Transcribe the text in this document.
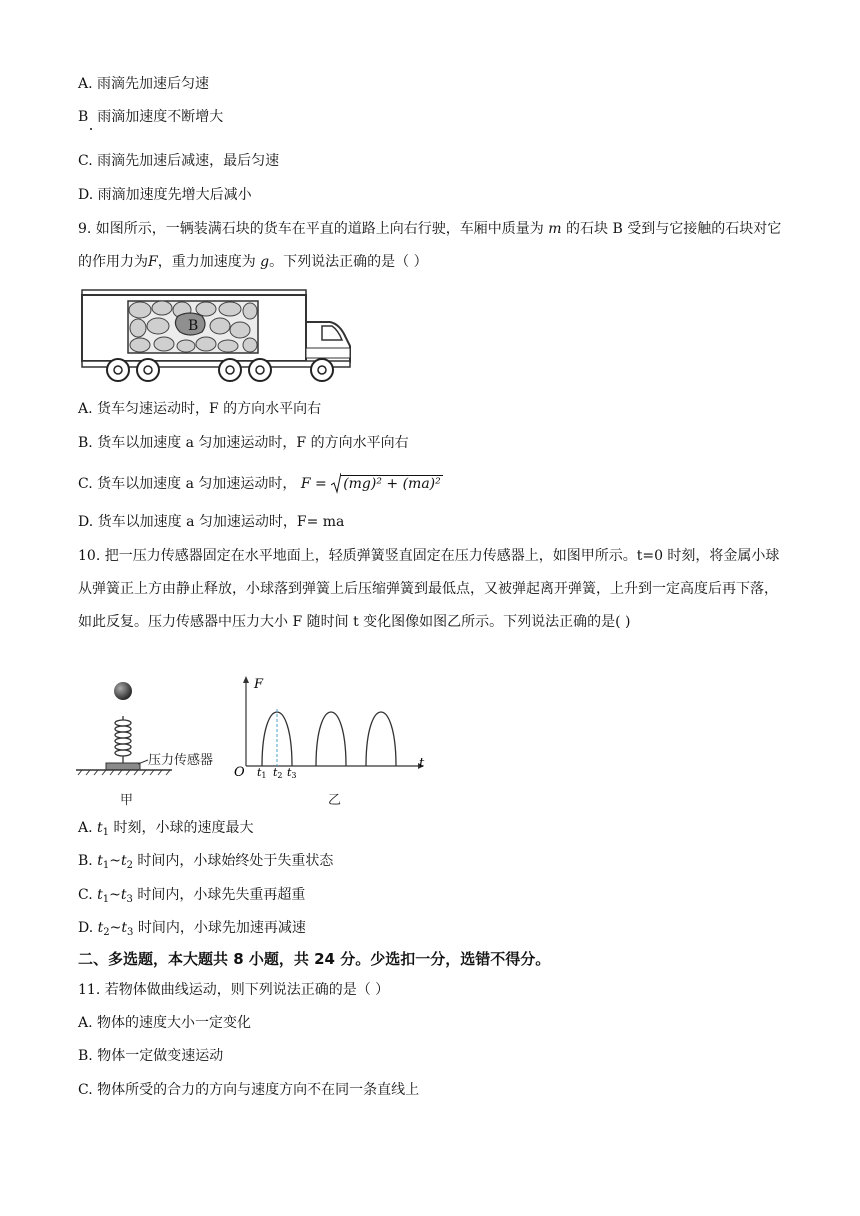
A. 雨滴先加速后匀速
B 雨滴加速度不断增大
C. 雨滴先加速后减速，最后匀速
D. 雨滴加速度先增大后减小
9. 如图所示，一辆装满石块的货车在平直的道路上向右行驶，车厢中质量为 m 的石块 B 受到与它接触的石块对它的作用力为F，重力加速度为 g。下列说法正确的是（ ）
B
A. 货车匀速运动时，F 的方向水平向右
B. 货车以加速度 a 匀加速运动时，F 的方向水平向右
C. 货车以加速度 a 匀加速运动时， F = (mg)² + (ma)²
D. 货车以加速度 a 匀加速运动时，F= ma
10. 把一压力传感器固定在水平地面上，轻质弹簧竖直固定在压力传感器上，如图甲所示。t=0 时刻，将金属小球从弹簧正上方由静止释放，小球落到弹簧上后压缩弹簧到最低点，又被弹起离开弹簧，上升到一定高度后再下落，如此反复。压力传感器中压力大小 F 随时间 t 变化图像如图乙所示。下列说法正确的是( )
压力传感器
甲
F
t
O t1 t2 t3
乙
A. $t_1$ 时刻，小球的速度最大
B. $t_1\sim t_2$ 时间内，小球始终处于失重状态
C. $t_1\sim t_3$ 时间内，小球先失重再超重
D. $t_2\sim t_3$ 时间内，小球先加速再减速
二、多选题，本大题共 8 小题，共 24 分。少选扣一分，选错不得分。
11. 若物体做曲线运动，则下列说法正确的是（ ）
A. 物体的速度大小一定变化
B. 物体一定做变速运动
C. 物体所受的合力的方向与速度方向不在同一条直线上
